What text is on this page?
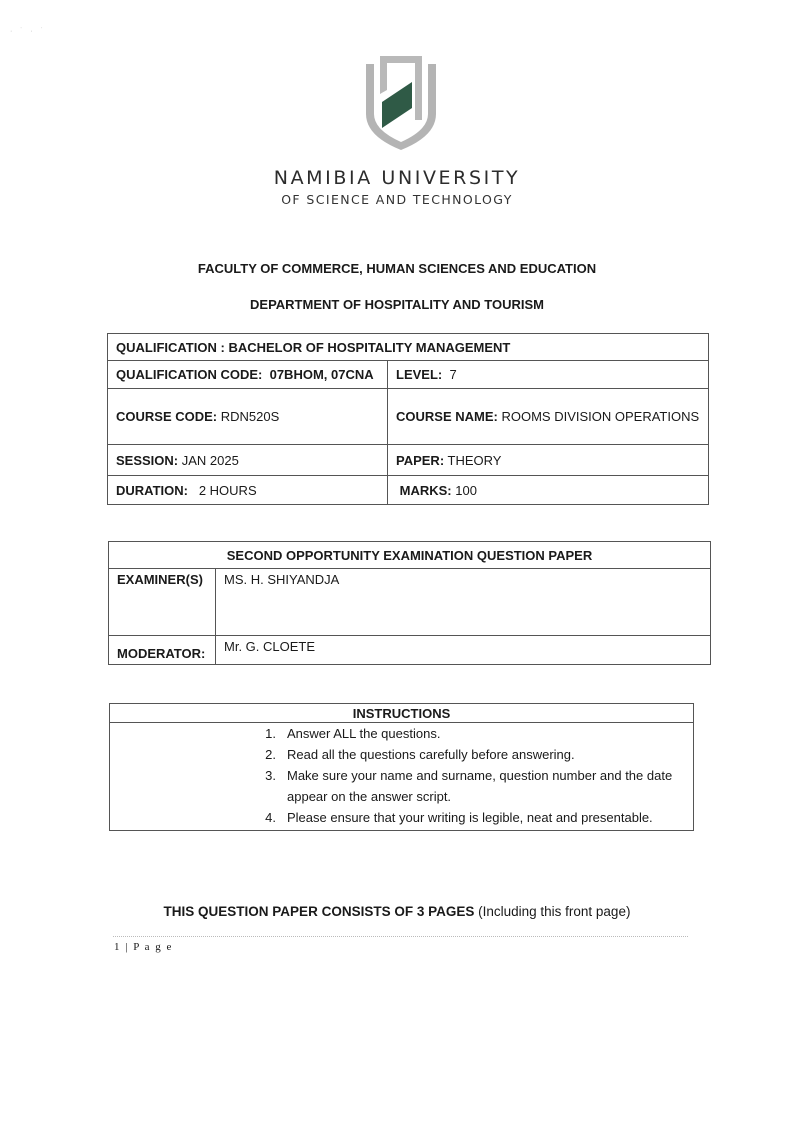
· ˙ · ˙
NAMIBIA UNIVERSITY
OF SCIENCE AND TECHNOLOGY
FACULTY OF COMMERCE, HUMAN SCIENCES AND EDUCATION
DEPARTMENT OF HOSPITALITY AND TOURISM
QUALIFICATION : BACHELOR OF HOSPITALITY MANAGEMENT	
QUALIFICATION CODE: 07BHOM, 07CNA	LEVEL: 7
COURSE CODE: RDN520S	COURSE NAME: ROOMS DIVISION OPERATIONS
SESSION: JAN 2025	PAPER: THEORY
DURATION: 2 HOURS	MARKS: 100
SECOND OPPORTUNITY EXAMINATION QUESTION PAPER	
EXAMINER(S)	MS. H. SHIYANDJA
MODERATOR:	Mr. G. CLOETE
INSTRUCTIONS

1. Answer ALL the questions.
2. Read all the questions carefully before answering.
3. Make sure your name and surname, question number and the date appear on the answer script.
4. Please ensure that your writing is legible, neat and presentable.
THIS QUESTION PAPER CONSISTS OF 3 PAGES (Including this front page)
1 | P a g e
